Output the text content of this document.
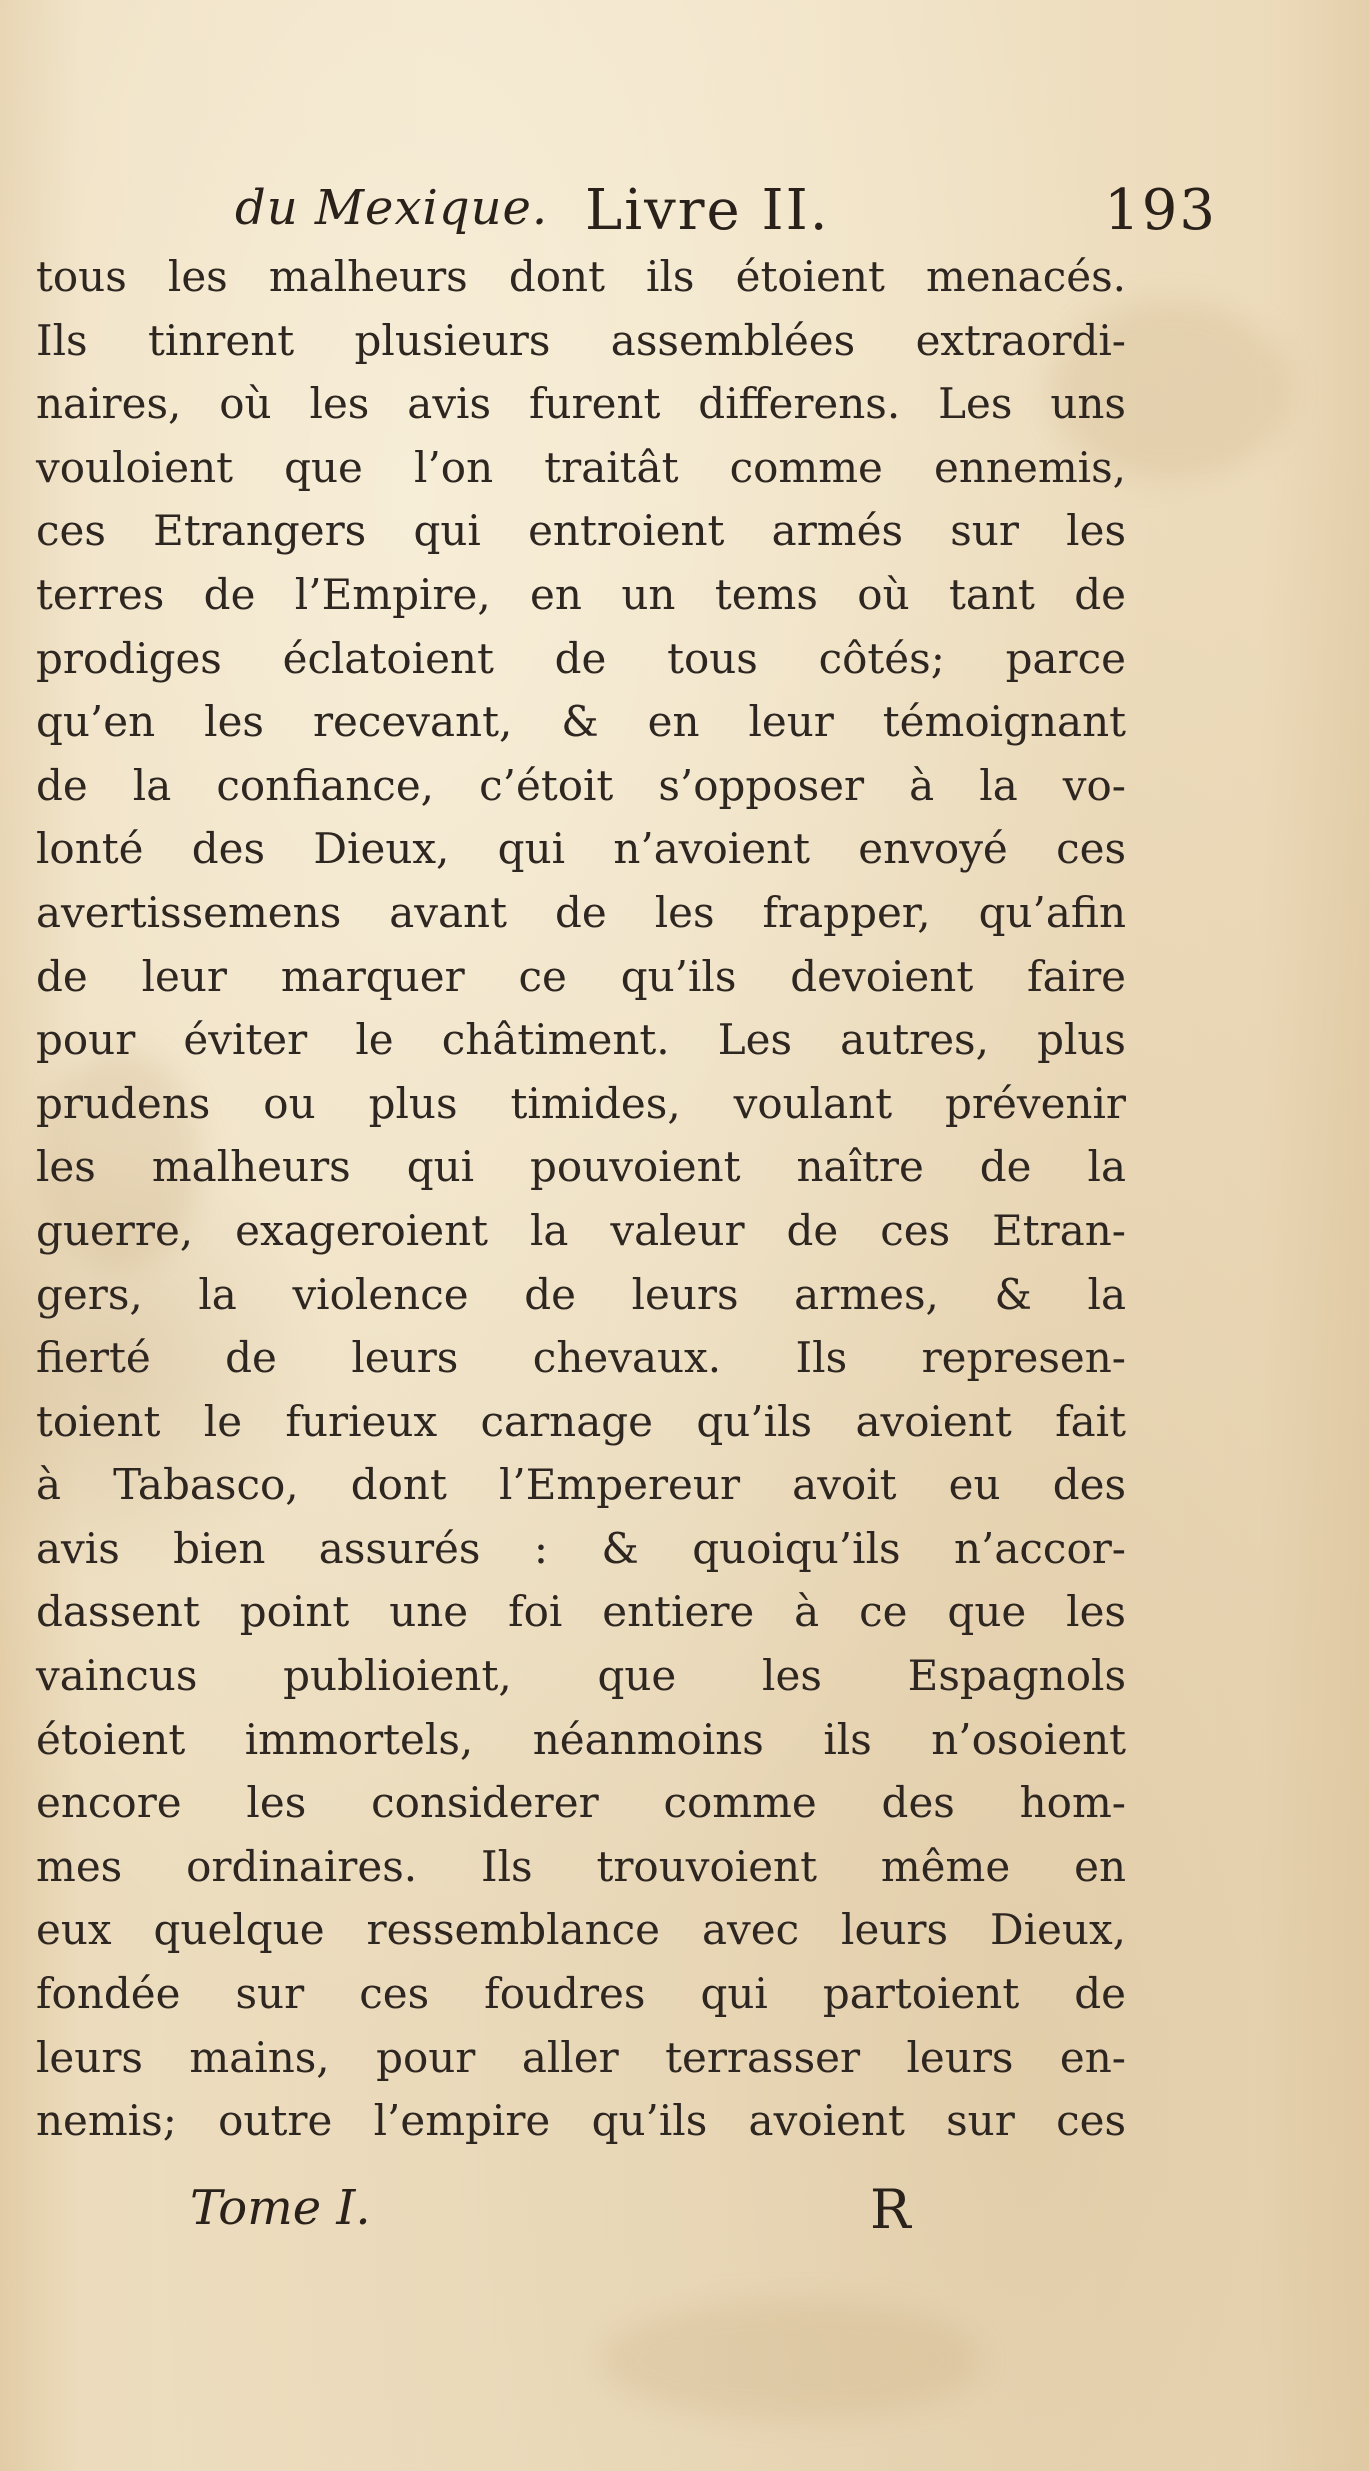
du Mexique. Livre II.	193
tous les malheurs dont ils étoient menacés.
Ils tinrent plusieurs assemblées extraordi-
naires, où les avis furent differens. Les uns
vouloient que l’on traitât comme ennemis,
ces Etrangers qui entroient armés sur les
terres de l’Empire, en un tems où tant de
prodiges éclatoient de tous côtés; parce
qu’en les recevant, & en leur témoignant
de la confiance, c’étoit s’opposer à la vo-
lonté des Dieux, qui n’avoient envoyé ces
avertissemens avant de les frapper, qu’afin
de leur marquer ce qu’ils devoient faire
pour éviter le châtiment. Les autres, plus
prudens ou plus timides, voulant prévenir
les malheurs qui pouvoient naître de la
guerre, exageroient la valeur de ces Etran-
gers, la violence de leurs armes, & la
fierté de leurs chevaux. Ils represen-
toient le furieux carnage qu’ils avoient fait
à Tabasco, dont l’Empereur avoit eu des
avis bien assurés : & quoiqu’ils n’accor-
dassent point une foi entiere à ce que les
vaincus publioient, que les Espagnols
étoient immortels, néanmoins ils n’osoient
encore les considerer comme des hom-
mes ordinaires. Ils trouvoient même en
eux quelque ressemblance avec leurs Dieux,
fondée sur ces foudres qui partoient de
leurs mains, pour aller terrasser leurs en-
nemis; outre l’empire qu’ils avoient sur ces
Tome I.	R
